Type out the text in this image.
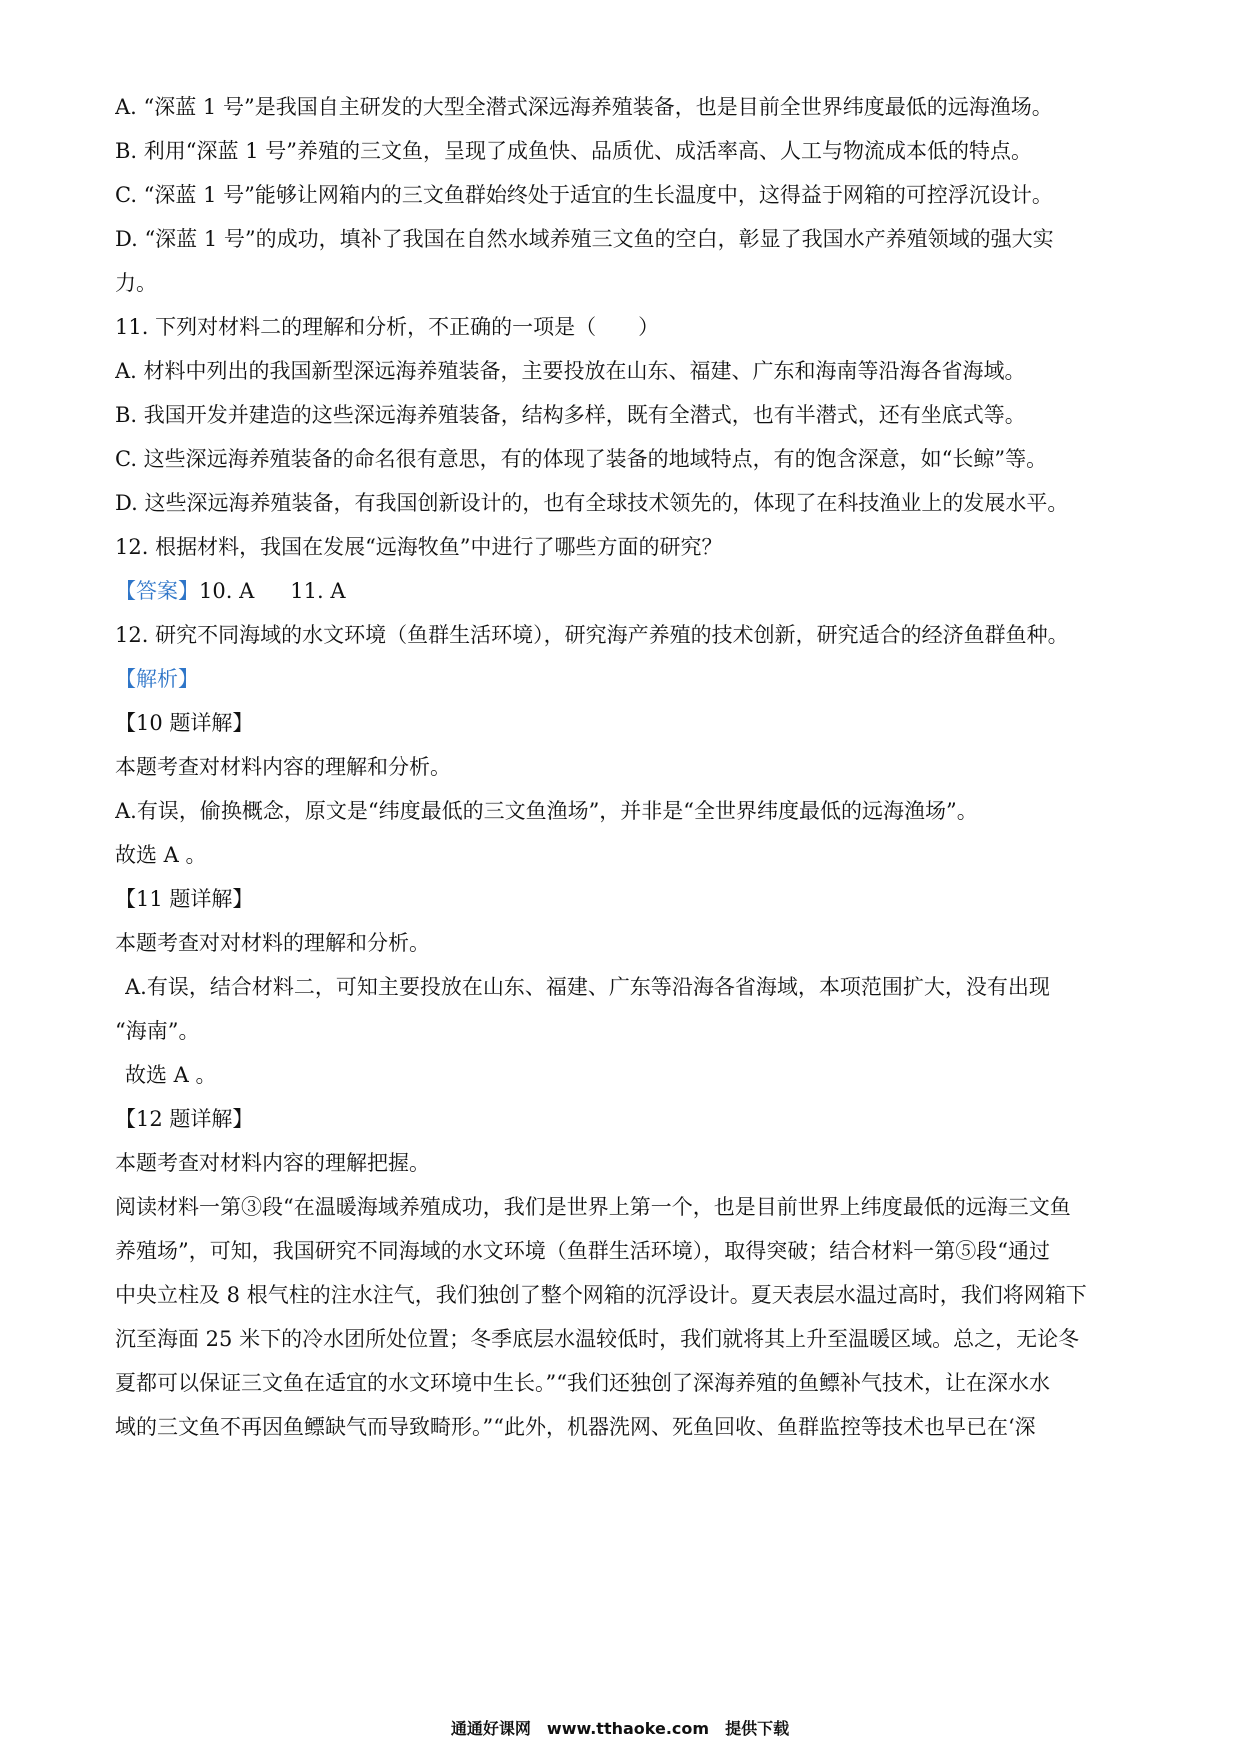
A. “深蓝 1 号”是我国自主研发的大型全潜式深远海养殖装备，也是目前全世界纬度最低的远海渔场。
B. 利用“深蓝 1 号”养殖的三文鱼，呈现了成鱼快、品质优、成活率高、人工与物流成本低的特点。
C. “深蓝 1 号”能够让网箱内的三文鱼群始终处于适宜的生长温度中，这得益于网箱的可控浮沉设计。
D. “深蓝 1 号”的成功，填补了我国在自然水域养殖三文鱼的空白，彰显了我国水产养殖领域的强大实
力。
11. 下列对材料二的理解和分析，不正确的一项是（　　）
A. 材料中列出的我国新型深远海养殖装备，主要投放在山东、福建、广东和海南等沿海各省海域。
B. 我国开发并建造的这些深远海养殖装备，结构多样，既有全潜式，也有半潜式，还有坐底式等。
C. 这些深远海养殖装备的命名很有意思，有的体现了装备的地域特点，有的饱含深意，如“长鲸”等。
D. 这些深远海养殖装备，有我国创新设计的，也有全球技术领先的，体现了在科技渔业上的发展水平。
12. 根据材料，我国在发展“远海牧鱼”中进行了哪些方面的研究？
【答案】10. A 11. A
12. 研究不同海域的水文环境（鱼群生活环境），研究海产养殖的技术创新，研究适合的经济鱼群鱼种。
【解析】
【10 题详解】
本题考查对材料内容的理解和分析。
A.有误，偷换概念，原文是“纬度最低的三文鱼渔场”，并非是“全世界纬度最低的远海渔场”。
故选 A 。
【11 题详解】
本题考查对对材料的理解和分析。
A.有误，结合材料二，可知主要投放在山东、福建、广东等沿海各省海域，本项范围扩大，没有出现
“海南”。
故选 A 。
【12 题详解】
本题考查对材料内容的理解把握。
阅读材料一第③段“在温暖海域养殖成功，我们是世界上第一个，也是目前世界上纬度最低的远海三文鱼
养殖场”，可知，我国研究不同海域的水文环境（鱼群生活环境），取得突破；结合材料一第⑤段“通过
中央立柱及 8 根气柱的注水注气，我们独创了整个网箱的沉浮设计。夏天表层水温过高时，我们将网箱下
沉至海面 25 米下的冷水团所处位置；冬季底层水温较低时，我们就将其上升至温暖区域。总之，无论冬
夏都可以保证三文鱼在适宜的水文环境中生长。”“我们还独创了深海养殖的鱼鳔补气技术，让在深水水
域的三文鱼不再因鱼鳔缺气而导致畸形。”“此外，机器洗网、死鱼回收、鱼群监控等技术也早已在‘深
通通好课网　www.tthaoke.com　提供下载
